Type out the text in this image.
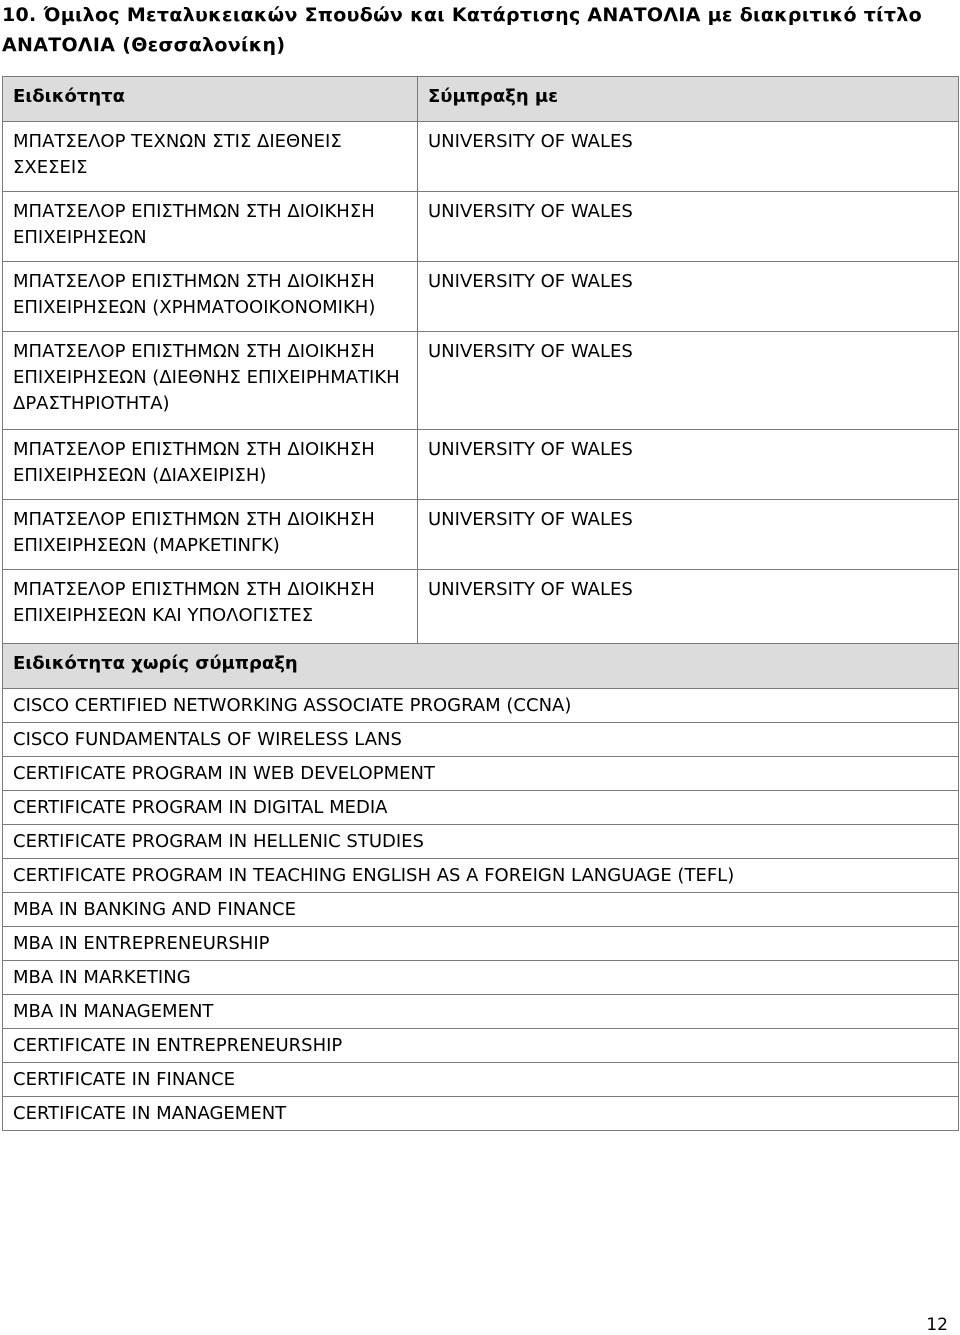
10. Όμιλος Μεταλυκειακών Σπουδών και Κατάρτισης ΑΝΑΤΟΛΙΑ με διακριτικό τίτλο ΑΝΑΤΟΛΙΑ (Θεσσαλονίκη)
Ειδικότητα	Σύμπραξη με
ΜΠΑΤΣΕΛΟΡ ΤΕΧΝΩΝ ΣΤΙΣ ΔΙΕΘΝΕΙΣ ΣΧΕΣΕΙΣ	UNIVERSITY OF WALES
ΜΠΑΤΣΕΛΟΡ ΕΠΙΣΤΗΜΩΝ ΣΤΗ ΔΙΟΙΚΗΣΗ ΕΠΙΧΕΙΡΗΣΕΩΝ	UNIVERSITY OF WALES
ΜΠΑΤΣΕΛΟΡ ΕΠΙΣΤΗΜΩΝ ΣΤΗ ΔΙΟΙΚΗΣΗ ΕΠΙΧΕΙΡΗΣΕΩΝ (ΧΡΗΜΑΤΟΟΙΚΟΝΟΜΙΚΗ)	UNIVERSITY OF WALES
ΜΠΑΤΣΕΛΟΡ ΕΠΙΣΤΗΜΩΝ ΣΤΗ ΔΙΟΙΚΗΣΗ ΕΠΙΧΕΙΡΗΣΕΩΝ (ΔΙΕΘΝΗΣ ΕΠΙΧΕΙΡΗΜΑΤΙΚΗ ΔΡΑΣΤΗΡΙΟΤΗΤΑ)	UNIVERSITY OF WALES
ΜΠΑΤΣΕΛΟΡ ΕΠΙΣΤΗΜΩΝ ΣΤΗ ΔΙΟΙΚΗΣΗ ΕΠΙΧΕΙΡΗΣΕΩΝ (ΔΙΑΧΕΙΡΙΣΗ)	UNIVERSITY OF WALES
ΜΠΑΤΣΕΛΟΡ ΕΠΙΣΤΗΜΩΝ ΣΤΗ ΔΙΟΙΚΗΣΗ ΕΠΙΧΕΙΡΗΣΕΩΝ (ΜΑΡΚΕΤΙΝΓΚ)	UNIVERSITY OF WALES
ΜΠΑΤΣΕΛΟΡ ΕΠΙΣΤΗΜΩΝ ΣΤΗ ΔΙΟΙΚΗΣΗ ΕΠΙΧΕΙΡΗΣΕΩΝ ΚΑΙ ΥΠΟΛΟΓΙΣΤΕΣ	UNIVERSITY OF WALES
Ειδικότητα χωρίς σύμπραξη	
CISCO CERTIFIED NETWORKING ASSOCIATE PROGRAM (CCNA)	
CISCO FUNDAMENTALS OF WIRELESS LANS	
CERTIFICATE PROGRAM IN WEB DEVELOPMENT	
CERTIFICATE PROGRAM IN DIGITAL MEDIA	
CERTIFICATE PROGRAM IN HELLENIC STUDIES	
CERTIFICATE PROGRAM IN TEACHING ENGLISH AS A FOREIGN LANGUAGE (TEFL)	
MBA IN BANKING AND FINANCE	
MBA IN ENTREPRENEURSHIP	
MBA IN MARKETING	
MBA IN MANAGEMENT	
CERTIFICATE IN ENTREPRENEURSHIP	
CERTIFICATE IN FINANCE	
CERTIFICATE IN MANAGEMENT	
12
